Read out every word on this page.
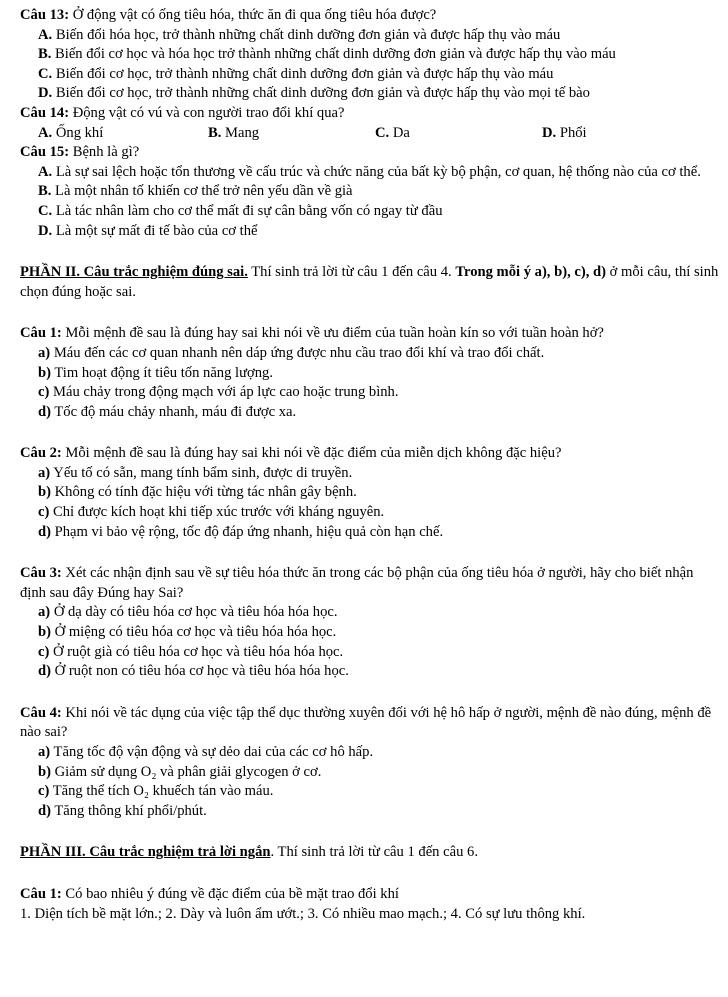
Câu 13: Ở động vật có ống tiêu hóa, thức ăn đi qua ống tiêu hóa được?

A. Biến đổi hóa học, trở thành những chất dinh dưỡng đơn giản và được hấp thụ vào máu

B. Biến đổi cơ học và hóa học trở thành những chất dinh dưỡng đơn giản và được hấp thụ vào máu

C. Biến đổi cơ học, trở thành những chất dinh dưỡng đơn giản và được hấp thụ vào máu

D. Biến đổi cơ học, trở thành những chất dinh dưỡng đơn giản và được hấp thụ vào mọi tế bào

Câu 14: Động vật có vú và con người trao đổi khí qua?

A. Ống khí	B. Mang	C. Da	D. Phổi

Câu 15: Bệnh là gì?

A. Là sự sai lệch hoặc tổn thương về cấu trúc và chức năng của bất kỳ bộ phận, cơ quan, hệ thống nào của cơ thể.

B. Là một nhân tố khiến cơ thể trở nên yếu dần về già

C. Là tác nhân làm cho cơ thể mất đi sự cân bằng vốn có ngay từ đầu

D. Là một sự mất đi tế bào của cơ thể

PHẦN II. Câu trắc nghiệm đúng sai. Thí sinh trả lời từ câu 1 đến câu 4. Trong mỗi ý a), b), c), d) ở mỗi câu, thí sinh chọn đúng hoặc sai.

Câu 1: Mỗi mệnh đề sau là đúng hay sai khi nói về ưu điểm của tuần hoàn kín so với tuần hoàn hở?

a) Máu đến các cơ quan nhanh nên dáp ứng được nhu cầu trao đổi khí và trao đổi chất.

b) Tim hoạt động ít tiêu tốn năng lượng.

c) Máu chảy trong động mạch với áp lực cao hoặc trung bình.

d) Tốc độ máu chảy nhanh, máu đi được xa.

Câu 2: Mỗi mệnh đề sau là đúng hay sai khi nói về đặc điểm của miễn dịch không đặc hiệu?

a) Yếu tố có sẵn, mang tính bẩm sinh, được di truyền.

b) Không có tính đặc hiệu với từng tác nhân gây bệnh.

c) Chỉ được kích hoạt khi tiếp xúc trước với kháng nguyên.

d) Phạm vi bảo vệ rộng, tốc độ đáp ứng nhanh, hiệu quả còn hạn chế.

Câu 3: Xét các nhận định sau về sự tiêu hóa thức ăn trong các bộ phận của ống tiêu hóa ở người, hãy cho biết nhận định sau đây Đúng hay Sai?

a) Ở dạ dày có tiêu hóa cơ học và tiêu hóa hóa học.

b) Ở miệng có tiêu hóa cơ học và tiêu hóa hóa học.

c) Ở ruột già có tiêu hóa cơ học và tiêu hóa hóa học.

d) Ở ruột non có tiêu hóa cơ học và tiêu hóa hóa học.

Câu 4: Khi nói về tác dụng của việc tập thể dục thường xuyên đối với hệ hô hấp ở người, mệnh đề nào đúng, mệnh đề nào sai?

a) Tăng tốc độ vận động và sự dẻo dai của các cơ hô hấp.

b) Giảm sử dụng O₂ và phân giải glycogen ở cơ.

c) Tăng thể tích O₂ khuếch tán vào máu.

d) Tăng thông khí phổi/phút.

PHẦN III. Câu trắc nghiệm trả lời ngắn. Thí sinh trả lời từ câu 1 đến câu 6.

Câu 1: Có bao nhiêu ý đúng về đặc điểm của bề mặt trao đổi khí

1. Diện tích bề mặt lớn.; 2. Dày và luôn ẩm ướt.; 3. Có nhiều mao mạch.; 4. Có sự lưu thông khí.
